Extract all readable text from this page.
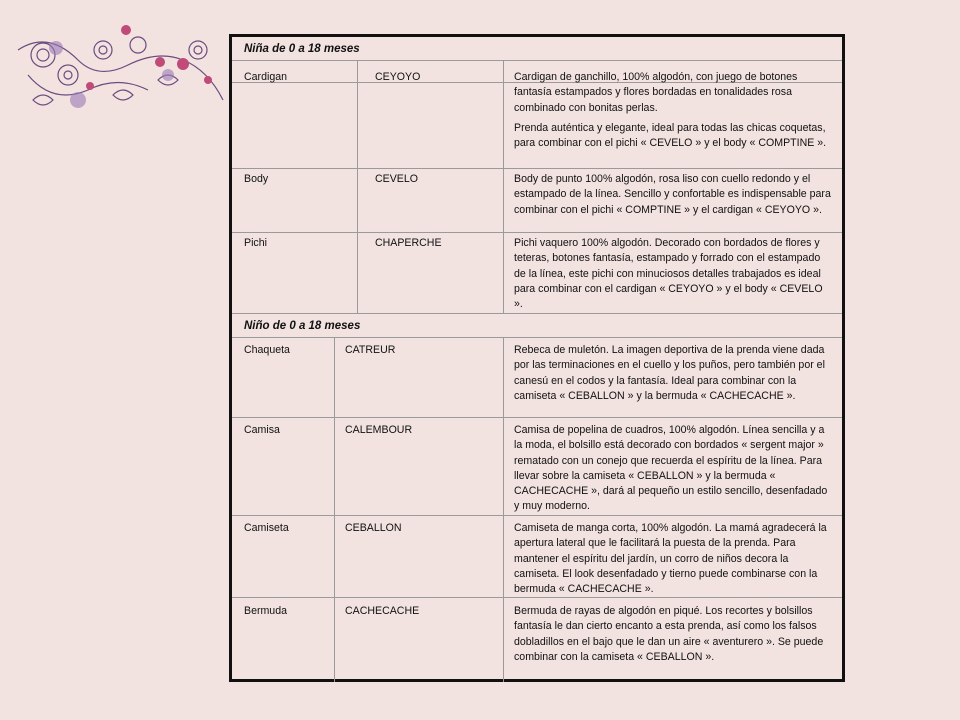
Niña de 0 a 18 meses
Cardigan	CEYOYO	Cardigan de ganchillo, 100% algodón, con juego de botones fantasía estampados y flores bordadas en tonalidades rosa combinado con bonitas perlas.

Prenda auténtica y elegante, ideal para todas las chicas coquetas, para combinar con el pichi « CEVELO » y el body « COMPTINE ».

Body	CEVELO	Body de punto 100% algodón, rosa liso con cuello redondo y el estampado de la línea. Sencillo y confortable es indispensable para combinar con el pichi « COMPTINE » y el cardigan « CEYOYO ».
Pichi	CHAPERCHE	Pichi vaquero 100% algodón. Decorado con bordados de flores y teteras, botones fantasía, estampado y forrado con el estampado de la línea, este pichi con minuciosos detalles trabajados es ideal para combinar con el cardigan « CEYOYO » y el body « CEVELO ».
Niño de 0 a 18 meses
Chaqueta	CATREUR	Rebeca de muletón. La imagen deportiva de la prenda viene dada por las terminaciones en el cuello y los puños, pero también por el canesú en el codos y la fantasía. Ideal para combinar con la camiseta « CEBALLON » y la bermuda « CACHECACHE ».
Camisa	CALEMBOUR	Camisa de popelina de cuadros, 100% algodón. Línea sencilla y a la moda, el bolsillo está decorado con bordados « sergent major » rematado con un conejo que recuerda el espíritu de la línea. Para llevar sobre la camiseta « CEBALLON » y la bermuda « CACHECACHE », dará al pequeño un estilo sencillo, desenfadado y muy moderno.
Camiseta	CEBALLON	Camiseta de manga corta, 100% algodón. La mamá agradecerá la apertura lateral que le facilitará la puesta de la prenda. Para mantener el espíritu del jardín, un corro de niños decora la camiseta. El look desenfadado y tierno puede combinarse con la bermuda « CACHECACHE ».
Bermuda	CACHECACHE	Bermuda de rayas de algodón en piqué. Los recortes y bolsillos fantasía le dan cierto encanto a esta prenda, así como los falsos dobladillos en el bajo que le dan un aire « aventurero ». Se puede combinar con la camiseta « CEBALLON ».
